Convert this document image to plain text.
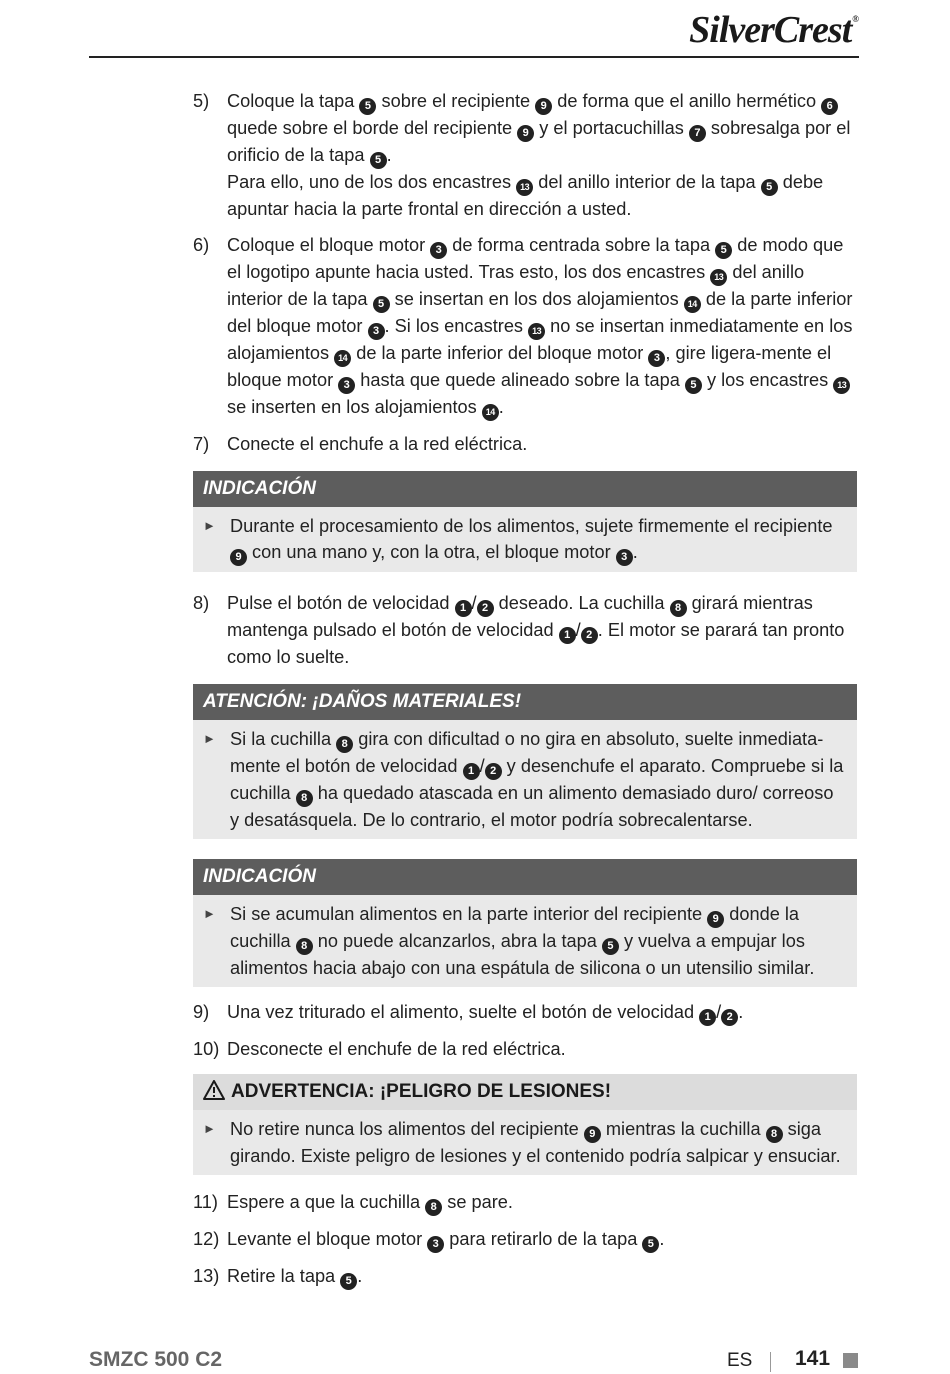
SilverCrest®
5) Coloque la tapa 5 sobre el recipiente 9 de forma que el anillo hermético 6 quede sobre el borde del recipiente 9 y el portacuchillas 7 sobresalga por el orificio de la tapa 5 .
Para ello, uno de los dos encastres 13 del anillo interior de la tapa 5 debe apuntar hacia la parte frontal en dirección a usted.
6) Coloque el bloque motor 3 de forma centrada sobre la tapa 5 de modo que el logotipo apunte hacia usted. Tras esto, los dos encastres 13 del anillo interior de la tapa 5 se insertan en los dos alojamientos 14 de la parte inferior del bloque motor 3 . Si los encastres 13 no se insertan inmediatamente en los alojamientos 14 de la parte inferior del bloque motor 3 , gire ligera-mente el bloque motor 3 hasta que quede alineado sobre la tapa 5 y los encastres 13 se inserten en los alojamientos 14 .
7) Conecte el enchufe a la red eléctrica.
INDICACIÓN
► Durante el procesamiento de los alimentos, sujete firmemente el recipiente 9 con una mano y, con la otra, el bloque motor 3 .
8) Pulse el botón de velocidad 1 / 2 deseado. La cuchilla 8 girará mientras mantenga pulsado el botón de velocidad 1 / 2 . El motor se parará tan pronto como lo suelte.
ATENCIÓN: ¡DAÑOS MATERIALES!
► Si la cuchilla 8 gira con dificultad o no gira en absoluto, suelte inmediata-mente el botón de velocidad 1 / 2 y desenchufe el aparato. Compruebe si la cuchilla 8 ha quedado atascada en un alimento demasiado duro/ correoso y desatásquela. De lo contrario, el motor podría sobrecalentarse.
INDICACIÓN
► Si se acumulan alimentos en la parte interior del recipiente 9 donde la cuchilla 8 no puede alcanzarlos, abra la tapa 5 y vuelva a empujar los alimentos hacia abajo con una espátula de silicona o un utensilio similar.
9) Una vez triturado el alimento, suelte el botón de velocidad 1 / 2 .
10) Desconecte el enchufe de la red eléctrica.
ADVERTENCIA: ¡PELIGRO DE LESIONES!
► No retire nunca los alimentos del recipiente 9 mientras la cuchilla 8 siga girando. Existe peligro de lesiones y el contenido podría salpicar y ensuciar.
11) Espere a que la cuchilla 8 se pare.
12) Levante el bloque motor 3 para retirarlo de la tapa 5 .
13) Retire la tapa 5 .
SMZC 500 C2	ES 141
